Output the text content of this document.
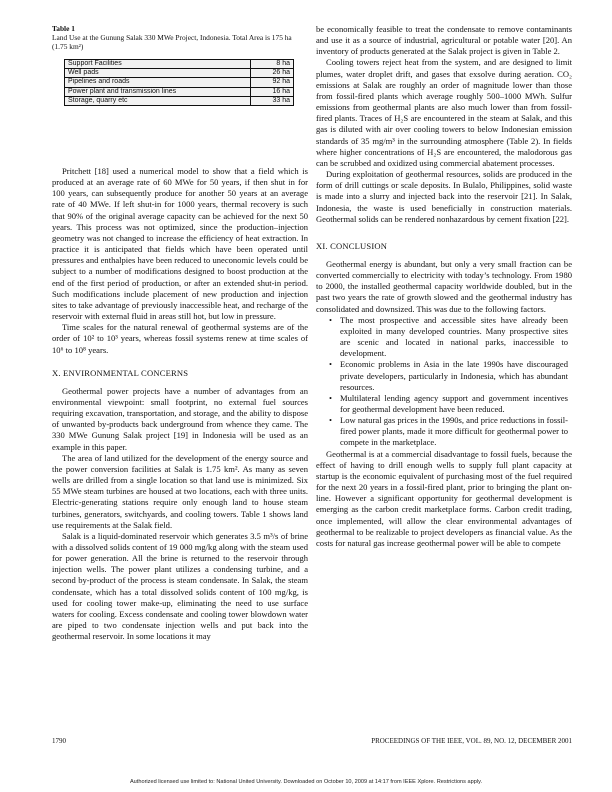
Table 1
Land Use at the Gunung Salak 330 MWe Project, Indonesia. Total Area is 175 ha (1.75 km²)
Support Facilities	8 ha
Well pads	26 ha
Pipelines and roads	92 ha
Power plant and transmission lines	16 ha
Storage, quarry etc	33 ha

Pritchett [18] used a numerical model to show that a field which is produced at an average rate of 60 MWe for 50 years, if then shut in for 100 years, can subsequently produce for another 50 years at an average rate of 40 MWe. If left shut-in for 1000 years, thermal recovery is such that 90% of the original average capacity can be achieved for the next 50 years. This process was not optimized, since the production–injection geometry was not changed to increase the efficiency of heat extraction. In practice it is anticipated that fields which have been operated until pressures and enthalpies have been reduced to uneconomic levels could be subject to a number of modifications designed to boost production at the end of the first period of production, or after an extended shut-in period. Such modifications include placement of new production and injection sites to take advantage of previously inaccessible heat, and recharge of the reservoir with external fluid in areas still hot, but low in pressure.

Time scales for the natural renewal of geothermal systems are of the order of 10² to 10³ years, whereas fossil systems renew at time scales of 10⁶ to 10⁸ years.

X. ENVIRONMENTAL CONCERNS

Geothermal power projects have a number of advantages from an environmental viewpoint: small footprint, no external fuel sources requiring excavation, transportation, and storage, and the ability to dispose of unwanted by-products back underground from whence they came. The 330 MWe Gunung Salak project [19] in Indonesia will be used as an example in this paper.

The area of land utilized for the development of the energy source and the power conversion facilities at Salak is 1.75 km². As many as seven wells are drilled from a single location so that land use is minimized. Six 55 MWe steam turbines are housed at two locations, each with three units. Electric-generating stations require only enough land to house steam turbines, generators, switchyards, and cooling towers. Table 1 shows land use requirements at the Salak field.

Salak is a liquid-dominated reservoir which generates 3.5 m³/s of brine with a dissolved solids content of 19 000 mg/kg along with the steam used for power generation. All the brine is returned to the reservoir through injection wells. The power plant utilizes a condensing turbine, and a second by-product of the process is steam condensate. In Salak, the steam condensate, which has a total dissolved solids content of 100 mg/kg, is used for cooling tower make-up, eliminating the need to use surface waters for cooling. Excess condensate and cooling tower blowdown water are piped to two condensate injection wells and put back into the geothermal reservoir. In some locations it may

be economically feasible to treat the condensate to remove contaminants and use it as a source of industrial, agricultural or potable water [20]. An inventory of products generated at the Salak project is given in Table 2.

Cooling towers reject heat from the system, and are designed to limit plumes, water droplet drift, and gases that exsolve during aeration. CO₂ emissions at Salak are roughly an order of magnitude lower than those from fossil-fired plants which average roughly 500–1000 MWh. Sulfur emissions from geothermal plants are also much lower than from fossil-fired plants. Traces of H₂S are encountered in the steam at Salak, and this gas is diluted with air over cooling towers to below Indonesian emission standards of 35 mg/m³ in the surrounding atmosphere (Table 2). In fields where higher concentrations of H₂S are encountered, the malodorous gas can be scrubbed and oxidized using commercial abatement processes.

During exploitation of geothermal resources, solids are produced in the form of drill cuttings or scale deposits. In Bulalo, Philippines, solid waste is made into a slurry and injected back into the reservoir [21]. In Salak, Indonesia, the waste is used beneficially in construction materials. Geothermal solids can be rendered nonhazardous by cement fixation [22].

XI. CONCLUSION

Geothermal energy is abundant, but only a very small fraction can be converted commercially to electricity with today’s technology. From 1980 to 2000, the installed geothermal capacity worldwide doubled, but in the past two years the rate of growth slowed and the geothermal industry has consolidated and downsized. This was due to the following factors.

• The most prospective and accessible sites have already been exploited in many developed countries. Many prospective sites are scenic and located in national parks, inaccessible to development.
• Economic problems in Asia in the late 1990s have discouraged private developers, particularly in Indonesia, which has abundant resources.
• Multilateral lending agency support and government incentives for geothermal development have been reduced.
• Low natural gas prices in the 1990s, and price reductions in fossil-fired power plants, made it more difficult for geothermal power to compete in the marketplace.

Geothermal is at a commercial disadvantage to fossil fuels, because the effect of having to drill enough wells to supply full plant capacity at startup is the economic equivalent of purchasing most of the fuel required for the next 20 years in a fossil-fired plant, prior to bringing the plant on-line. However a significant opportunity for geothermal development is emerging as the carbon credit marketplace forms. Carbon credit trading, once implemented, will allow the clear environmental advantages of geothermal to be realizable to project developers as financial value. As the costs for natural gas increase geothermal power will be able to compete

1790	PROCEEDINGS OF THE IEEE, VOL. 89, NO. 12, DECEMBER 2001
Authorized licensed use limited to: National United University. Downloaded on October 10, 2009 at 14:17 from IEEE Xplore. Restrictions apply.
